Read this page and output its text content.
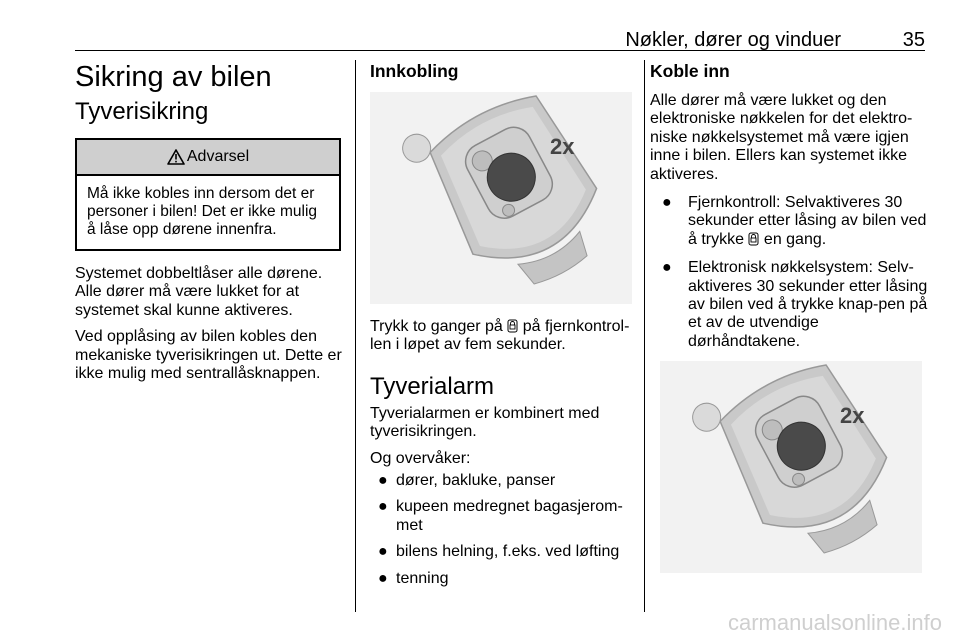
Nøkler, dører og vinduer	35
Sikring av bilen
Tyverisikring
Advarsel
Må ikke kobles inn dersom det er personer i bilen! Det er ikke mulig å låse opp dørene innenfra.

Systemet dobbeltlåser alle dørene. Alle dører må være lukket for at systemet skal kunne aktiveres.

Ved opplåsing av bilen kobles den mekaniske tyverisikringen ut. Dette er ikke mulig med sentrallåsknappen.

Innkobling
2x

Trykk to ganger på  på fjernkontrol-len i løpet av fem sekunder.

Tyverialarm

Tyverialarmen er kombinert med tyverisikringen.

Og overvåker:

● dører, bakluke, panser
● kupeen medregnet bagasjerom-met
● bilens helning, f.eks. ved løfting
● tenning
Koble inn

Alle dører må være lukket og den elektroniske nøkkelen for det elektro-niske nøkkelsystemet må være igjen inne i bilen. Ellers kan systemet ikke aktiveres.

● Fjernkontroll: Selvaktiveres 30 sekunder etter låsing av bilen ved å trykke  en gang.
● Elektronisk nøkkelsystem: Selv-aktiveres 30 sekunder etter låsing av bilen ved å trykke knap-pen på et av de utvendige dørhåndtakene.
2x
carmanualsonline.info
